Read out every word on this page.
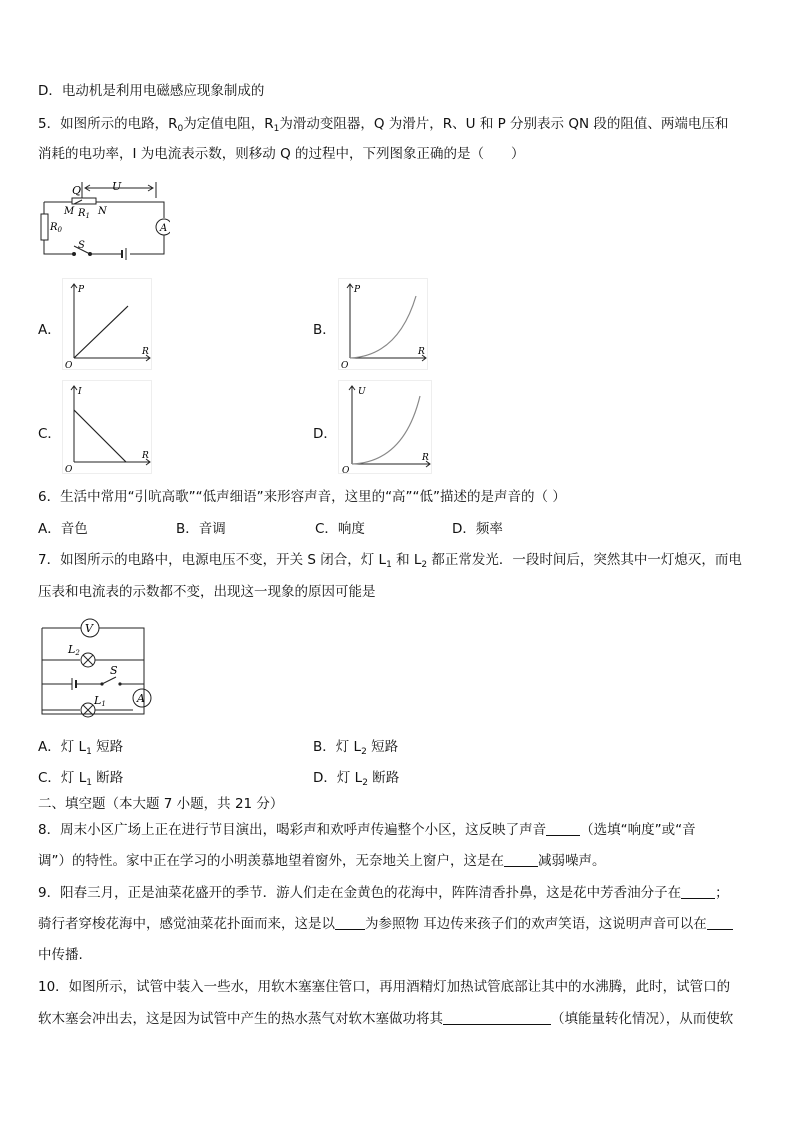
D．电动机是利用电磁感应现象制成的
5．如图所示的电路，$R_0$为定值电阻，$R_1$为滑动变阻器，Q 为滑片，R、U 和 P 分别表示 QN 段的阻值、两端电压和
消耗的电功率，I 为电流表示数，则移动 Q 的过程中，下列图象正确的是（　　）
Q	U
M $R_1$ N
$R_0$	A
S
A．
P
R
O
B．
P
R
O
C．
I
R
O
D．
U
R
O
6．生活中常用“引吭高歌”“低声细语”来形容声音，这里的“高”“低”描述的是声音的（ ）
A．音色	B．音调	C．响度	D．频率
7．如图所示的电路中，电源电压不变，开关 S 闭合，灯 $L_1$ 和 $L_2$ 都正常发光．一段时间后，突然其中一灯熄灭，而电
压表和电流表的示数都不变，出现这一现象的原因可能是
V
L2
S
A
L1
A．灯 $L_1$ 短路	B．灯 $L_2$ 短路
C．灯 $L_1$ 断路	D．灯 $L_2$ 断路
二、填空题（本大题 7 小题，共 21 分）
8．周末小区广场上正在进行节目演出，喝彩声和欢呼声传遍整个小区，这反映了声音	（选填“响度”或“音
调”）的特性。家中正在学习的小明羡慕地望着窗外，无奈地关上窗户，这是在	减弱噪声。
9．阳春三月，正是油菜花盛开的季节．游人们走在金黄色的花海中，阵阵清香扑鼻，这是花中芳香油分子在	；
骑行者穿梭花海中，感觉油菜花扑面而来，这是以 为参照物 耳边传来孩子们的欢声笑语，这说明声音可以在
中传播.
10．如图所示，试管中装入一些水，用软木塞塞住管口，再用酒精灯加热试管底部让其中的水沸腾，此时，试管口的
软木塞会冲出去，这是因为试管中产生的热水蒸气对软木塞做功将其	（填能量转化情况），从而使软
